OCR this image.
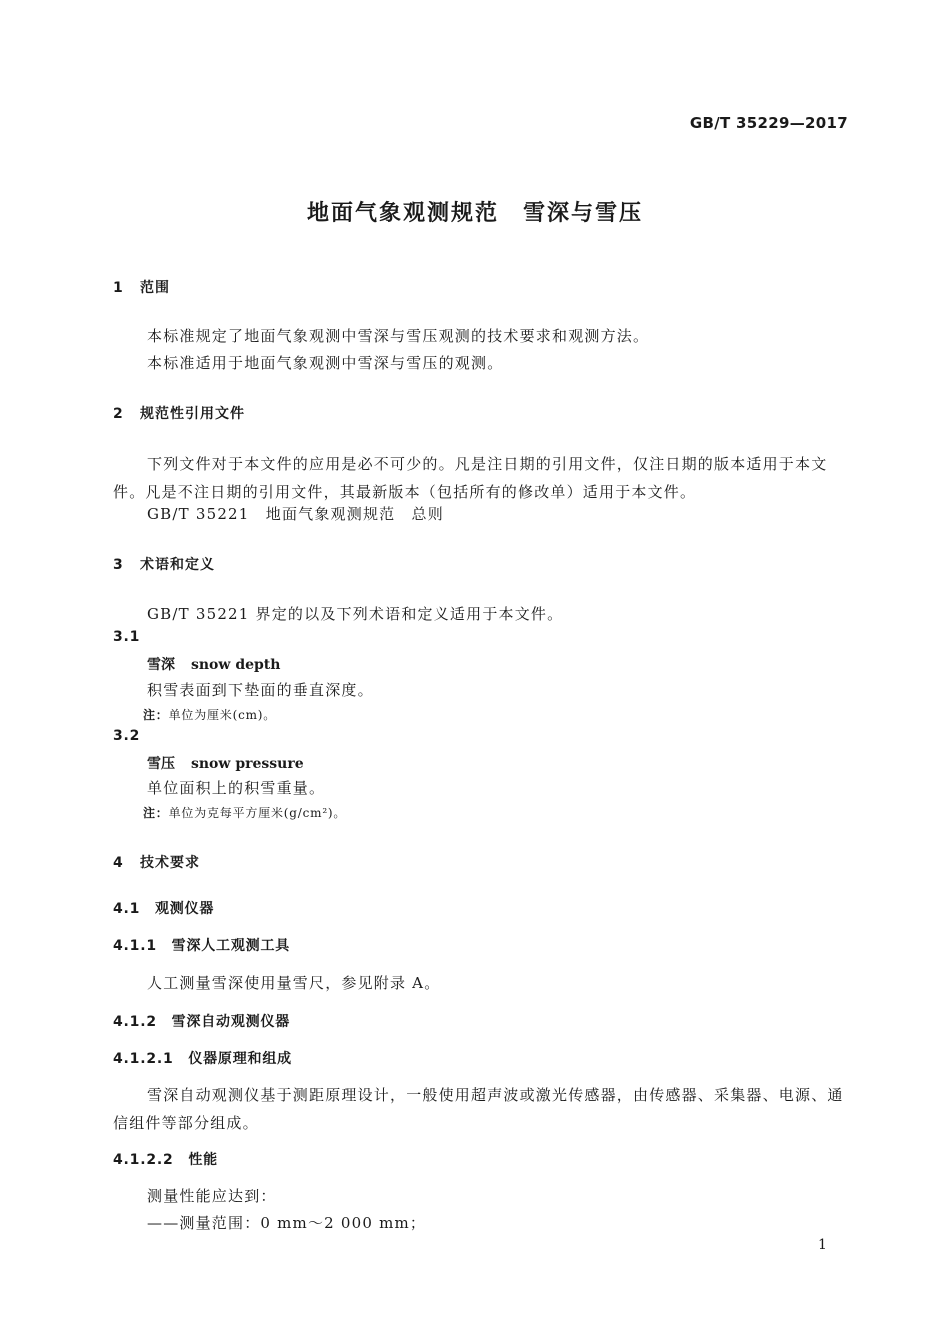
GB/T 35229—2017
地面气象观测规范　雪深与雪压
1 范围
本标准规定了地面气象观测中雪深与雪压观测的技术要求和观测方法。
本标准适用于地面气象观测中雪深与雪压的观测。
2 规范性引用文件
下列文件对于本文件的应用是必不可少的。凡是注日期的引用文件，仅注日期的版本适用于本文件。凡是不注日期的引用文件，其最新版本（包括所有的修改单）适用于本文件。
GB/T 35221　地面气象观测规范　总则
3 术语和定义
GB/T 35221 界定的以及下列术语和定义适用于本文件。
3.1
雪深 snow depth
积雪表面到下垫面的垂直深度。
注：单位为厘米(cm)。
3.2
雪压 snow pressure
单位面积上的积雪重量。
注：单位为克每平方厘米(g/cm²)。
4 技术要求
4.1　观测仪器
4.1.1　雪深人工观测工具
人工测量雪深使用量雪尺，参见附录 A。
4.1.2　雪深自动观测仪器
4.1.2.1　仪器原理和组成
雪深自动观测仪基于测距原理设计，一般使用超声波或激光传感器，由传感器、采集器、电源、通信组件等部分组成。
4.1.2.2　性能
测量性能应达到：
——测量范围：0 mm～2 000 mm；
1
